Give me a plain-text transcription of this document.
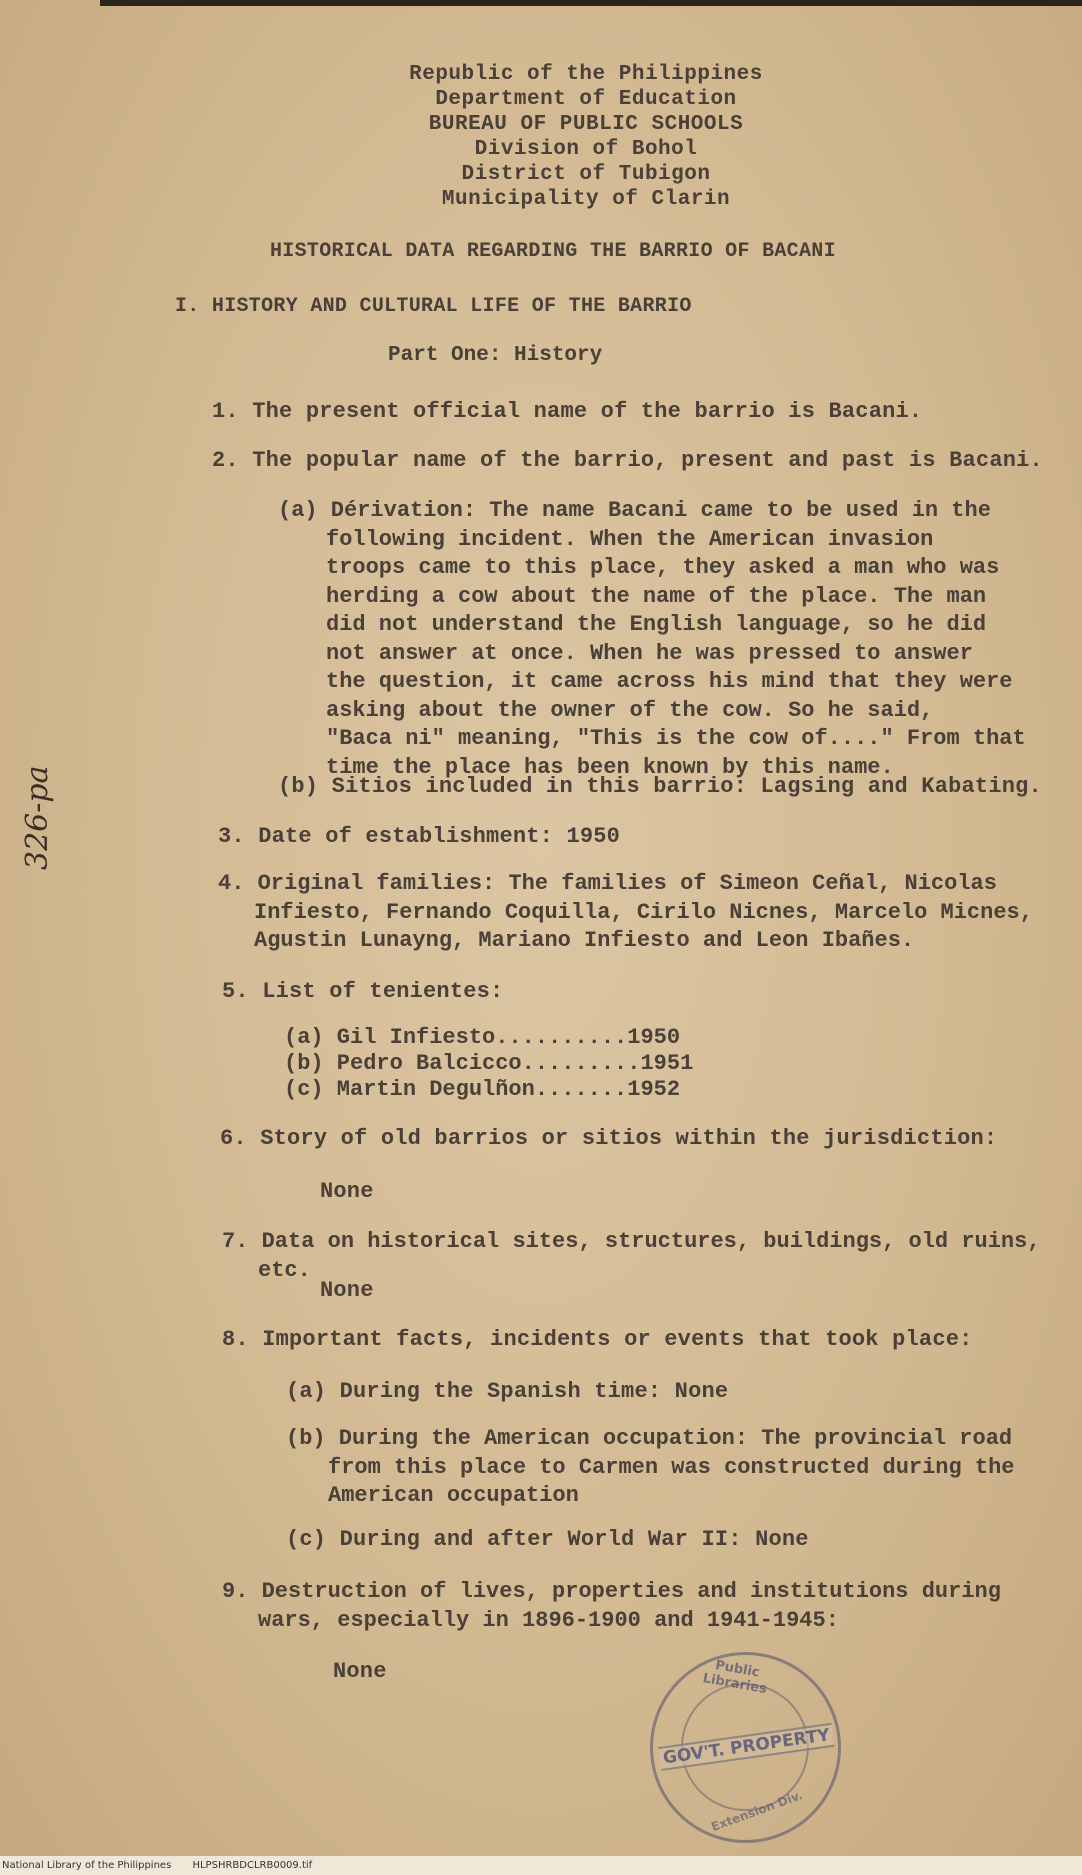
Republic of the Philippines
Department of Education
BUREAU OF PUBLIC SCHOOLS
Division of Bohol
District of Tubigon
Municipality of Clarin
HISTORICAL DATA REGARDING THE BARRIO OF BACANI
I. HISTORY AND CULTURAL LIFE OF THE BARRIO
Part One: History
1. The present official name of the barrio is Bacani.
2. The popular name of the barrio, present and past is Bacani.
(a) Dérivation: The name Bacani came to be used in the
following incident. When the American invasion
troops came to this place, they asked a man who was
herding a cow about the name of the place. The man
did not understand the English language, so he did
not answer at once. When he was pressed to answer
the question, it came across his mind that they were
asking about the owner of the cow. So he said,
"Baca ni" meaning, "This is the cow of...." From that
time the place has been known by this name.
(b) Sitios included in this barrio: Lagsing and Kabating.
3. Date of establishment: 1950
4. Original families: The families of Simeon Ceñal, Nicolas
Infiesto, Fernando Coquilla, Cirilo Nicnes, Marcelo Micnes,
Agustin Lunayng, Mariano Infiesto and Leon Ibañes.
5. List of tenientes:
(a) Gil Infiesto..........1950
(b) Pedro Balcicco.........1951
(c) Martin Degulñon.......1952
6. Story of old barrios or sitios within the jurisdiction:
None
7. Data on historical sites, structures, buildings, old ruins,
etc.
None
8. Important facts, incidents or events that took place:
(a) During the Spanish time: None
(b) During the American occupation: The provincial road
from this place to Carmen was constructed during the
American occupation
(c) During and after World War II: None
9. Destruction of lives, properties and institutions during
wars, especially in 1896-1900 and 1941-1945:
None
326-pa
Public Libraries
GOV'T. PROPERTY
Extension Div.
National Library of the Philippines HLPSHRBDCLRB0009.tif
